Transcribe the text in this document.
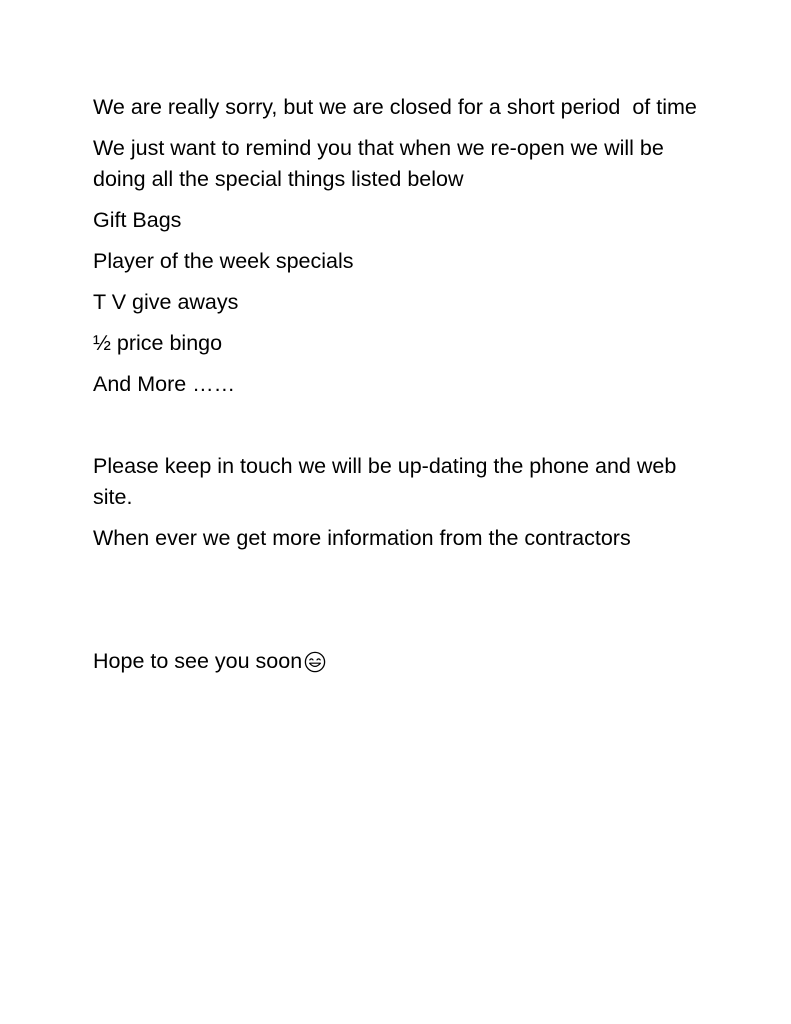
We are really sorry, but we are closed for a short period  of time

We just want to remind you that when we re-open we will be doing all the special things listed below

Gift Bags

Player of the week specials

T V give aways

½ price bingo

And More ……

Please keep in touch we will be up-dating the phone and web site.

When ever we get more information from the contractors

Hope to see you soon
